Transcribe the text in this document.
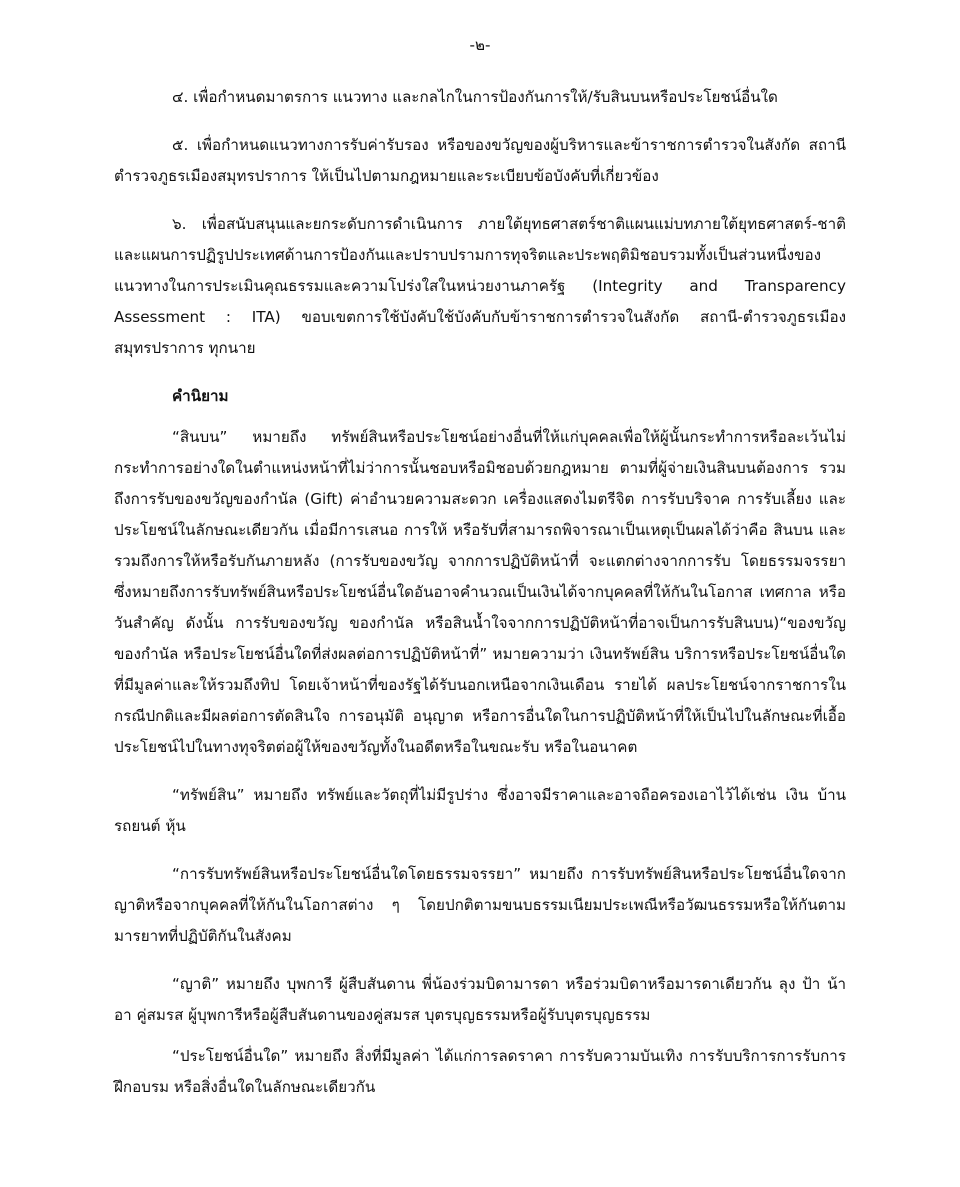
-๒-

๔. เพื่อกำหนดมาตรการ แนวทาง และกลไกในการป้องกันการให้/รับสินบนหรือประโยชน์อื่นใด

๕. เพื่อกำหนดแนวทางการรับค่ารับรอง หรือของขวัญของผู้บริหารและข้าราชการตำรวจในสังกัด สถานีตำรวจภูธรเมืองสมุทรปราการ ให้เป็นไปตามกฎหมายและระเบียบข้อบังคับที่เกี่ยวข้อง

๖. เพื่อสนับสนุนและยกระดับการดำเนินการ ภายใต้ยุทธศาสตร์ชาติแผนแม่บทภายใต้ยุทธศาสตร์-ชาติ และแผนการปฏิรูปประเทศด้านการป้องกันและปราบปรามการทุจริตและประพฤติมิชอบรวมทั้งเป็นส่วนหนึ่งของแนวทางในการประเมินคุณธรรมและความโปร่งใสในหน่วยงานภาครัฐ (Integrity and Transparency Assessment : ITA) ขอบเขตการใช้บังคับใช้บังคับกับข้าราชการตำรวจในสังกัด สถานี-ตำรวจภูธรเมืองสมุทรปราการ ทุกนาย

คำนิยาม

“สินบน” หมายถึง ทรัพย์สินหรือประโยชน์อย่างอื่นที่ให้แก่บุคคลเพื่อให้ผู้นั้นกระทำการหรือละเว้นไม่กระทำการอย่างใดในตำแหน่งหน้าที่ไม่ว่าการนั้นชอบหรือมิชอบด้วยกฎหมาย ตามที่ผู้จ่ายเงินสินบนต้องการ รวมถึงการรับของขวัญของกำนัล (Gift) ค่าอำนวยความสะดวก เครื่องแสดงไมตรีจิต การรับบริจาค การรับเลี้ยง และ ประโยชน์ในลักษณะเดียวกัน เมื่อมีการเสนอ การให้ หรือรับที่สามารถพิจารณาเป็นเหตุเป็นผลได้ว่าคือ สินบน และ รวมถึงการให้หรือรับกันภายหลัง (การรับของขวัญ จากการปฏิบัติหน้าที่ จะแตกต่างจากการรับ โดยธรรมจรรยา ซึ่งหมายถึงการรับทรัพย์สินหรือประโยชน์อื่นใดอันอาจคำนวณเป็นเงินได้จากบุคคลที่ให้กันในโอกาส เทศกาล หรือ วันสำคัญ ดังนั้น การรับของขวัญ ของกำนัล หรือสินน้ำใจจากการปฏิบัติหน้าที่อาจเป็นการรับสินบน)“ของขวัญ ของกำนัล หรือประโยชน์อื่นใดที่ส่งผลต่อการปฏิบัติหน้าที่” หมายความว่า เงินทรัพย์สิน บริการหรือประโยชน์อื่นใดที่มีมูลค่าและให้รวมถึงทิป โดยเจ้าหน้าที่ของรัฐได้รับนอกเหนือจากเงินเดือน รายได้ ผลประโยชน์จากราชการในกรณีปกติและมีผลต่อการตัดสินใจ การอนุมัติ อนุญาต หรือการอื่นใดในการปฏิบัติหน้าที่ให้เป็นไปในลักษณะที่เอื้อประโยชน์ไปในทางทุจริตต่อผู้ให้ของขวัญทั้งในอดีตหรือในขณะรับ หรือในอนาคต

“ทรัพย์สิน” หมายถึง ทรัพย์และวัตถุที่ไม่มีรูปร่าง ซึ่งอาจมีราคาและอาจถือครองเอาไว้ได้เช่น เงิน บ้าน รถยนต์ หุ้น

“การรับทรัพย์สินหรือประโยชน์อื่นใดโดยธรรมจรรยา” หมายถึง การรับทรัพย์สินหรือประโยชน์อื่นใดจากญาติหรือจากบุคคลที่ให้กันในโอกาสต่าง ๆ โดยปกติตามขนบธรรมเนียมประเพณีหรือวัฒนธรรมหรือให้กันตามมารยาทที่ปฏิบัติกันในสังคม

“ญาติ” หมายถึง บุพการี ผู้สืบสันดาน พี่น้องร่วมบิดามารดา หรือร่วมบิดาหรือมารดาเดียวกัน ลุง ป้า น้า อา คู่สมรส ผู้บุพการีหรือผู้สืบสันดานของคู่สมรส บุตรบุญธรรมหรือผู้รับบุตรบุญธรรม

“ประโยชน์อื่นใด” หมายถึง สิ่งที่มีมูลค่า ได้แก่การลดราคา การรับความบันเทิง การรับบริการการรับการฝึกอบรม หรือสิ่งอื่นใดในลักษณะเดียวกัน
